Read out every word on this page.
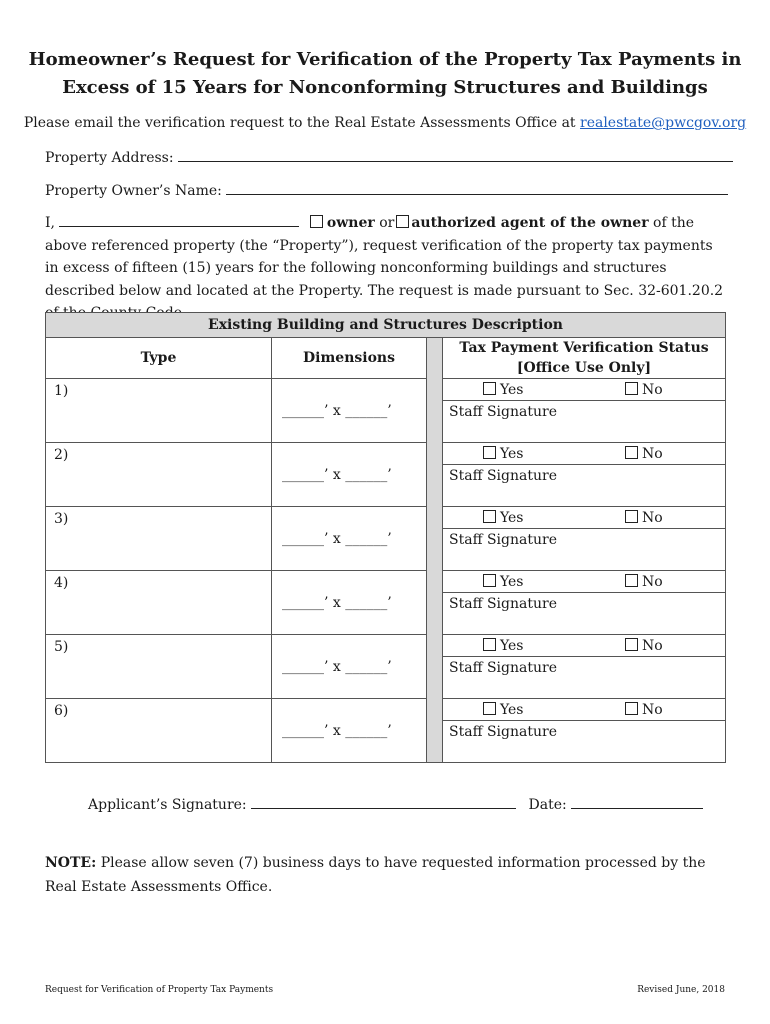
Homeowner’s Request for Verification of the Property Tax Payments in
Excess of 15 Years for Nonconforming Structures and Buildings
Please email the verification request to the Real Estate Assessments Office at realestate@pwcgov.org
Property Address:
Property Owner’s Name:
I,	owner or authorized agent of the owner of the above referenced property (the “Property”), request verification of the property tax payments in excess of fifteen (15) years for the following nonconforming buildings and structures described below and located at the Property. The request is made pursuant to Sec. 32-601.20.2
Existing Building and Structures Description			
Type	Dimensions		Tax Payment Verification Status
[Office Use Only]

1)	______’ x ______’		Yes No
Staff Signature

2)	______’ x ______’		Yes No
Staff Signature

3)	______’ x ______’		Yes No
Staff Signature

4)	______’ x ______’		Yes No
Staff Signature

5)	______’ x ______’		Yes No
Staff Signature

6)	______’ x ______’		Yes No
Staff Signature
Applicant’s Signature:	Date:
NOTE: Please allow seven (7) business days to have requested information processed by the Real Estate Assessments Office.
Request for Verification of Property Tax Payments	Revised June, 2018
